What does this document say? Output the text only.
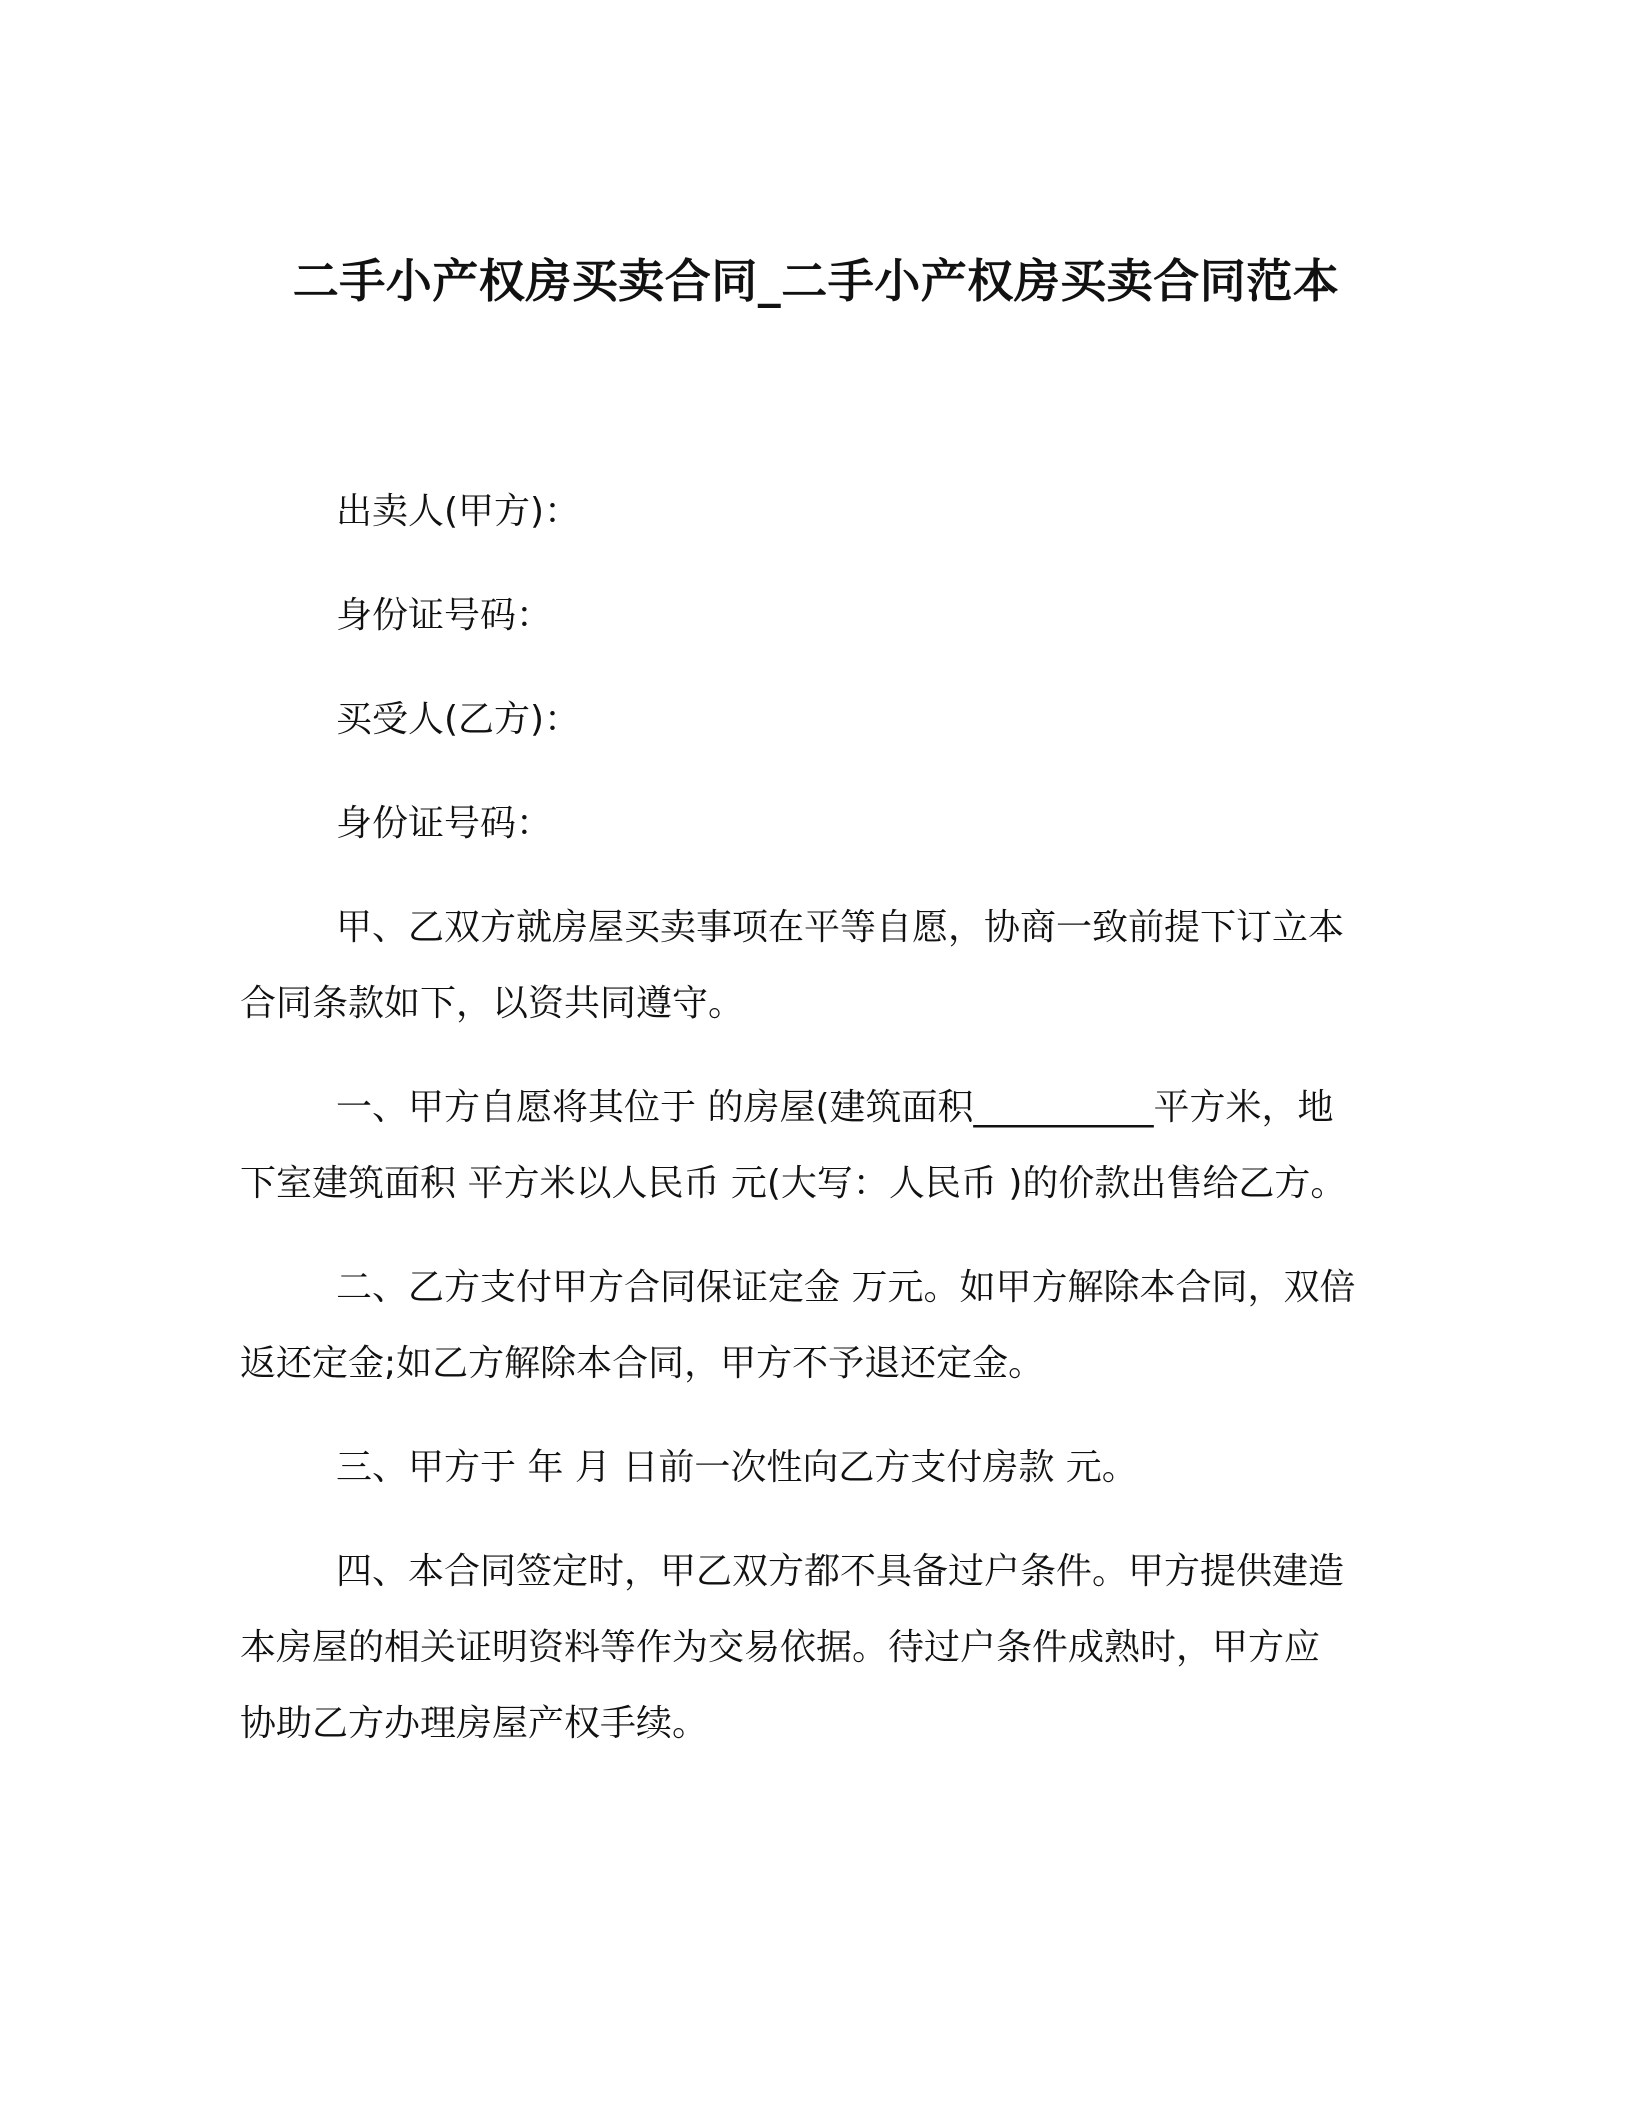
二手小产权房买卖合同_二手小产权房买卖合同范本

出卖人(甲方)：

身份证号码：

买受人(乙方)：

身份证号码：

甲、乙双方就房屋买卖事项在平等自愿，协商一致前提下订立本

合同条款如下，以资共同遵守。

一、甲方自愿将其位于 的房屋(建筑面积__________平方米，地

下室建筑面积 平方米以人民币 元(大写：人民币 )的价款出售给乙方。

二、乙方支付甲方合同保证定金 万元。如甲方解除本合同，双倍

返还定金;如乙方解除本合同，甲方不予退还定金。

三、甲方于 年 月 日前一次性向乙方支付房款 元。

四、本合同签定时，甲乙双方都不具备过户条件。甲方提供建造

本房屋的相关证明资料等作为交易依据。待过户条件成熟时，甲方应

协助乙方办理房屋产权手续。
